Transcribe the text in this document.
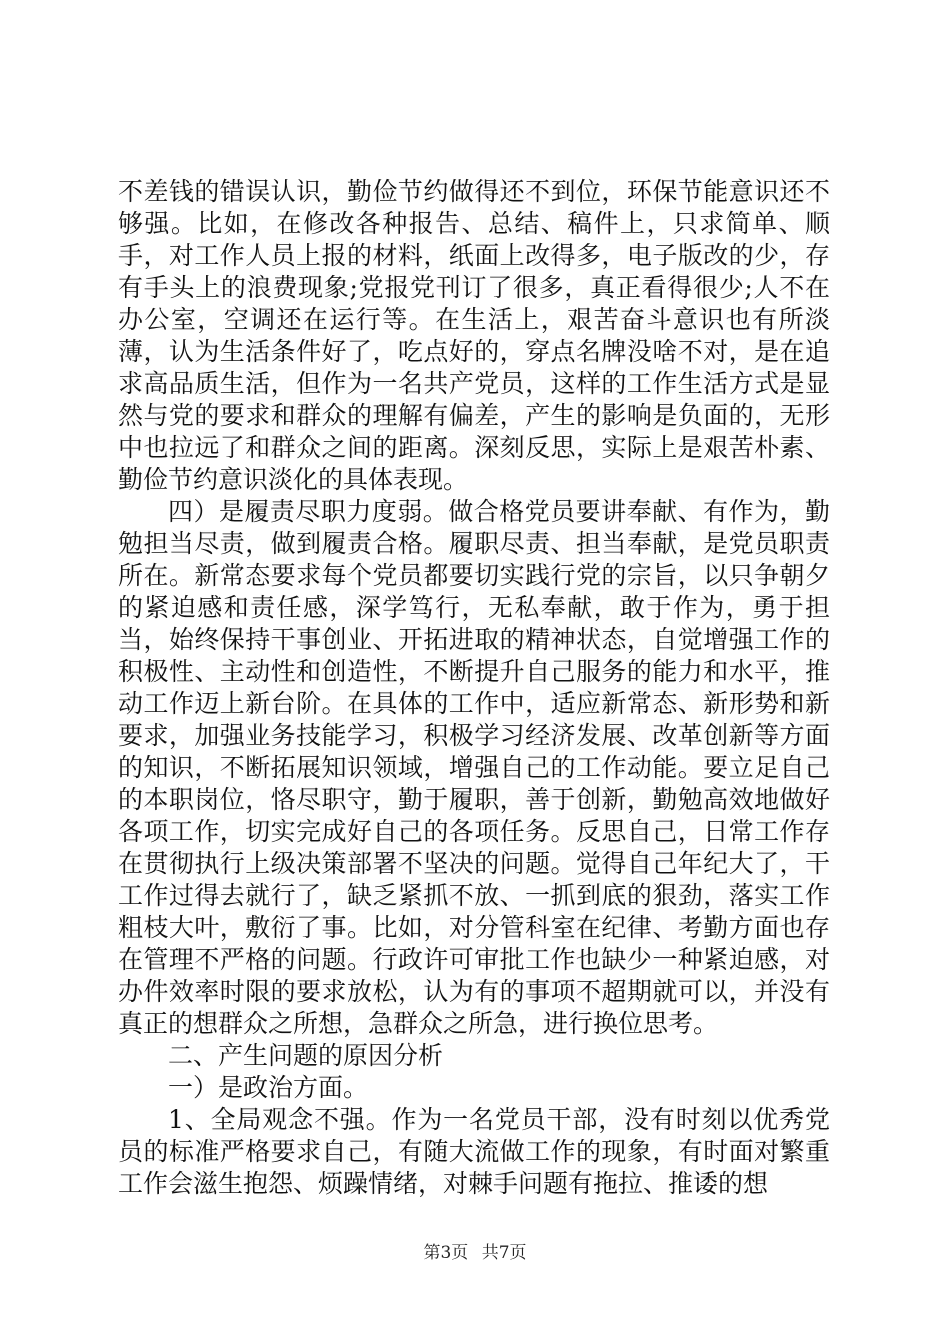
不差钱的错误认识，勤俭节约做得还不到位，环保节能意识还不够强。比如，在修改各种报告、总结、稿件上，只求简单、顺手，对工作人员上报的材料，纸面上改得多，电子版改的少，存有手头上的浪费现象;党报党刊订了很多，真正看得很少;人不在办公室，空调还在运行等。在生活上，艰苦奋斗意识也有所淡薄，认为生活条件好了，吃点好的，穿点名牌没啥不对，是在追求高品质生活，但作为一名共产党员，这样的工作生活方式是显然与党的要求和群众的理解有偏差，产生的影响是负面的，无形中也拉远了和群众之间的距离。深刻反思，实际上是艰苦朴素、勤俭节约意识淡化的具体表现。

四）是履责尽职力度弱。做合格党员要讲奉献、有作为，勤勉担当尽责，做到履责合格。履职尽责、担当奉献，是党员职责所在。新常态要求每个党员都要切实践行党的宗旨，以只争朝夕的紧迫感和责任感，深学笃行，无私奉献，敢于作为，勇于担当，始终保持干事创业、开拓进取的精神状态，自觉增强工作的积极性、主动性和创造性，不断提升自己服务的能力和水平，推动工作迈上新台阶。在具体的工作中，适应新常态、新形势和新要求，加强业务技能学习，积极学习经济发展、改革创新等方面的知识，不断拓展知识领域，增强自己的工作动能。要立足自己的本职岗位，恪尽职守，勤于履职，善于创新，勤勉高效地做好各项工作，切实完成好自己的各项任务。反思自己，日常工作存在贯彻执行上级决策部署不坚决的问题。觉得自己年纪大了，干工作过得去就行了，缺乏紧抓不放、一抓到底的狠劲，落实工作粗枝大叶，敷衍了事。比如，对分管科室在纪律、考勤方面也存在管理不严格的问题。行政许可审批工作也缺少一种紧迫感，对办件效率时限的要求放松，认为有的事项不超期就可以，并没有真正的想群众之所想，急群众之所急，进行换位思考。

二、产生问题的原因分析

一）是政治方面。

1、全局观念不强。作为一名党员干部，没有时刻以优秀党员的标准严格要求自己，有随大流做工作的现象，有时面对繁重工作会滋生抱怨、烦躁情绪，对棘手问题有拖拉、推诿的想

第3页 共7页
